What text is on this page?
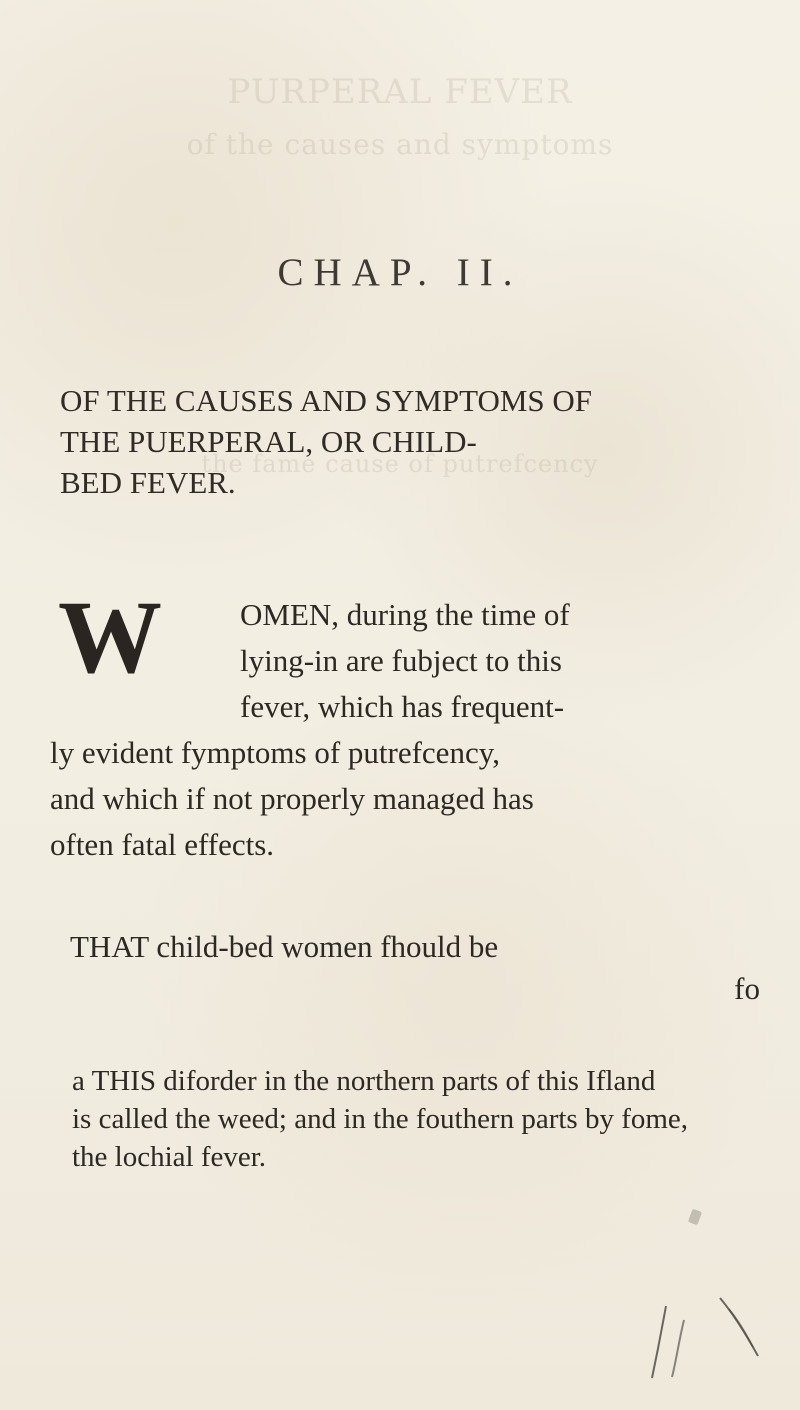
PURPERAL FEVER
of the causes and symptoms
the fame cause of putrefcency
CHAP. II.
OF THE CAUSES AND SYMPTOMS OF
THE PUERPERAL, OR CHILD-
BED FEVER.
W	OMEN, during the time of
lying-in are fubject to this
fever, which has frequent-
ly evident fymptoms of putrefcency,
and which if not properly managed has
often fatal effects.
THAT child-bed women fhould be
fo
a THIS diforder in the northern parts of this Ifland
is called the weed; and in the fouthern parts by fome,
the lochial fever.
